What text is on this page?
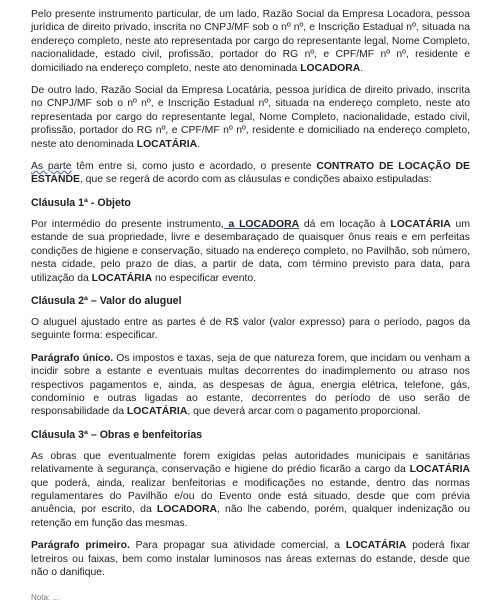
Pelo presente instrumento particular, de um lado, Razão Social da Empresa Locadora, pessoa jurídica de direito privado, inscrita no CNPJ/MF sob o nº nº, e Inscrição Estadual nº, situada na endereço completo, neste ato representada por cargo do representante legal, Nome Completo, nacionalidade, estado civil, profissão, portador do RG nº, e CPF/MF nº nº, residente e domiciliado na endereço completo, neste ato denominada LOCADORA.

De outro lado, Razão Social da Empresa Locatária, pessoa jurídica de direito privado, inscrita no CNPJ/MF sob o nº nº, e Inscrição Estadual nº, situada na endereço completo, neste ato representada por cargo do representante legal, Nome Completo, nacionalidade, estado civil, profissão, portador do RG nº, e CPF/MF nº nº, residente e domiciliado na endereço completo, neste ato denominada LOCATÁRIA.

As parte têm entre si, como justo e acordado, o presente CONTRATO DE LOCAÇÃO DE ESTANDE, que se regerá de acordo com as cláusulas e condições abaixo estipuladas:

Cláusula 1ª - Objeto

Por intermédio do presente instrumento, a LOCADORA dá em locação à LOCATÁRIA um estande de sua propriedade, livre e desembaraçado de quaisquer ônus reais e em perfeitas condições de higiene e conservação, situado na endereço completo, no Pavilhão, sob número, nesta cidade, pelo prazo de dias, a partir de data, com término previsto para data, para utilização da LOCATÁRIA no especificar evento.

Cláusula 2ª – Valor do aluguel

O aluguel ajustado entre as partes é de R$ valor (valor expresso) para o período, pagos da seguinte forma: especificar.

Parágrafo único. Os impostos e taxas, seja de que natureza forem, que incidam ou venham a incidir sobre a estante e eventuais multas decorrentes do inadimplemento ou atraso nos respectivos pagamentos e, ainda, as despesas de água, energia elétrica, telefone, gás, condomínio e outras ligadas ao estante, decorrentes do período de uso serão de responsabilidade da LOCATÁRIA, que deverá arcar com o pagamento proporcional.

Cláusula 3ª – Obras e benfeitorias

As obras que eventualmente forem exigidas pelas autoridades municipais e sanitárias relativamente à segurança, conservação e higiene do prédio ficarão a cargo da LOCATÁRIA que poderá, ainda, realizar benfeitorias e modificações no estande, dentro das normas regulamentares do Pavilhão e/ou do Evento onde está situado, desde que com prévia anuência, por escrito, da LOCADORA, não lhe cabendo, porém, qualquer indenização ou retenção em função das mesmas.

Parágrafo primeiro. Para propagar sua atividade comercial, a LOCATÁRIA poderá fixar letreiros ou faixas, bem como instalar luminosos nas áreas externas do estande, desde que não o danifique.

Nota: ...
